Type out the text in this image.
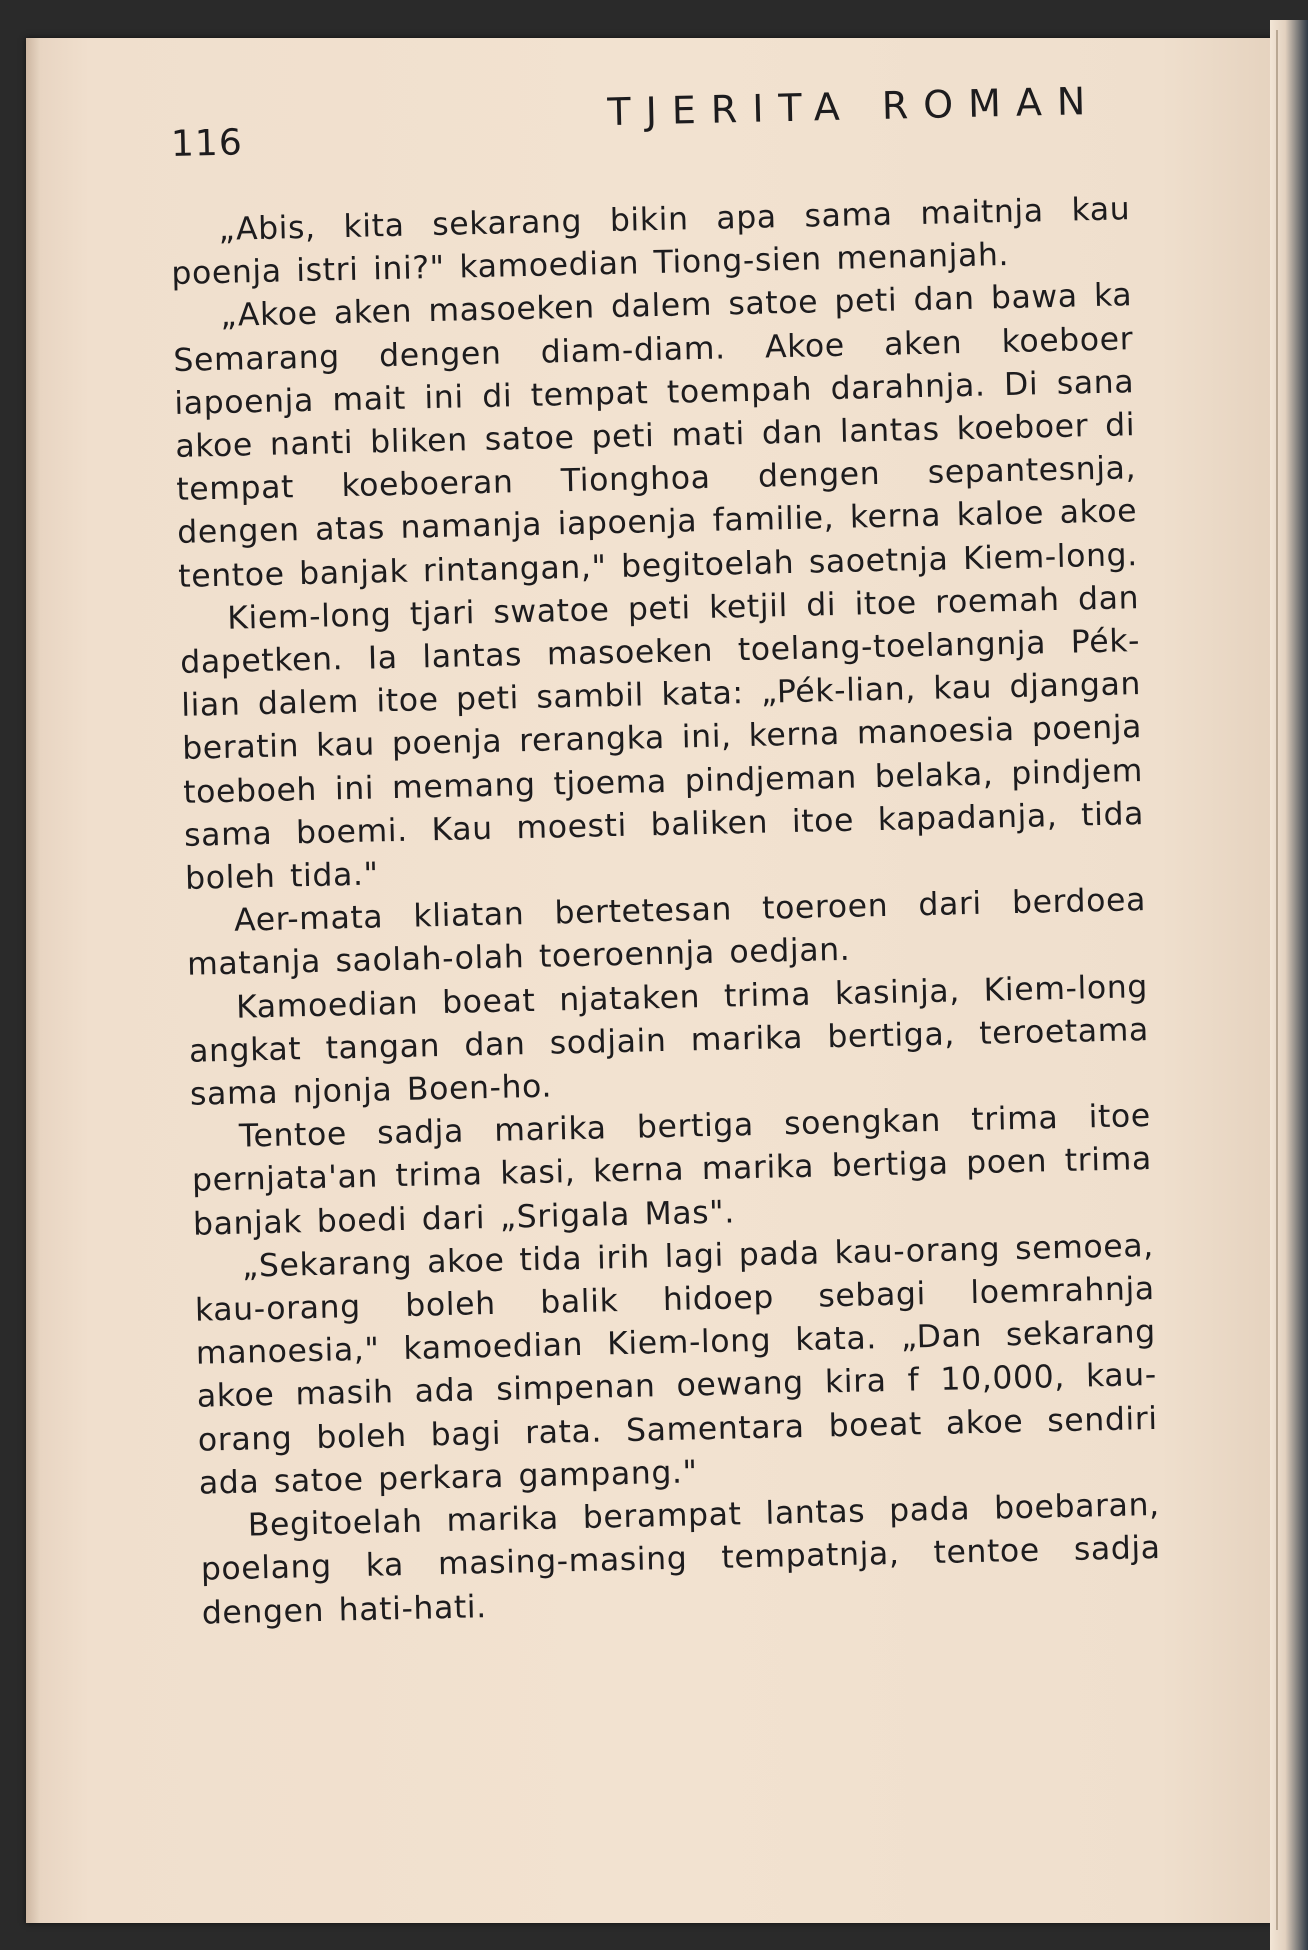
116
TJERITA ROMAN

„Abis, kita sekarang bikin apa sama maitnja kau poenja istri ini?" kamoedian Tiong-sien menanjah.

„Akoe aken masoeken dalem satoe peti dan bawa ka Semarang dengen diam-diam. Akoe aken koeboer iapoenja mait ini di tempat toempah darahnja. Di sana akoe nanti bliken satoe peti mati dan lantas koeboer di tempat koeboeran Tionghoa dengen sepantesnja, dengen atas namanja iapoenja familie, kerna kaloe akoe tentoe banjak rintangan," begitoelah saoetnja Kiem-long.

Kiem-long tjari swatoe peti ketjil di itoe roemah dan dapetken. Ia lantas masoeken toelang-toelangnja Pék-lian dalem itoe peti sambil kata: „Pék-lian, kau djangan beratin kau poenja rerangka ini, kerna manoesia poenja toeboeh ini memang tjoema pindjeman belaka, pindjem sama boemi. Kau moesti baliken itoe kapadanja, tida boleh tida."

Aer-mata kliatan bertetesan toeroen dari berdoea matanja saolah-olah toeroennja oedjan.

Kamoedian boeat njataken trima kasinja, Kiem-long angkat tangan dan sodjain marika bertiga, teroetama sama njonja Boen-ho.

Tentoe sadja marika bertiga soengkan trima itoe pernjata'an trima kasi, kerna marika bertiga poen trima banjak boedi dari „Srigala Mas".

„Sekarang akoe tida irih lagi pada kau-orang semoea, kau-orang boleh balik hidoep sebagi loemrahnja manoesia," kamoedian Kiem-long kata. „Dan sekarang akoe masih ada simpenan oewang kira f 10,000, kau-orang boleh bagi rata. Samentara boeat akoe sendiri ada satoe perkara gampang."

Begitoelah marika berampat lantas pada boebaran, poelang ka masing-masing tempatnja, tentoe sadja dengen hati-hati.
